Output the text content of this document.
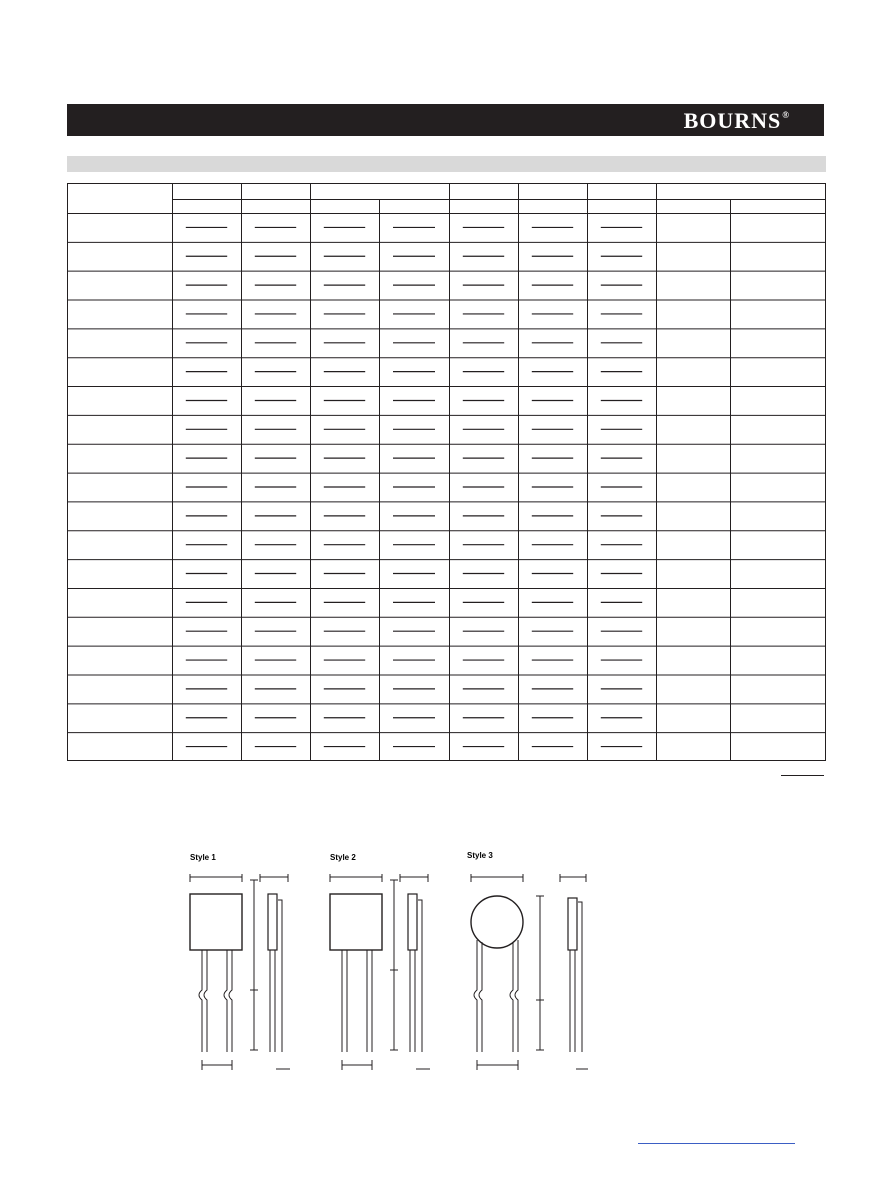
BOURNS®
Style 1	Style 2	Style 3
